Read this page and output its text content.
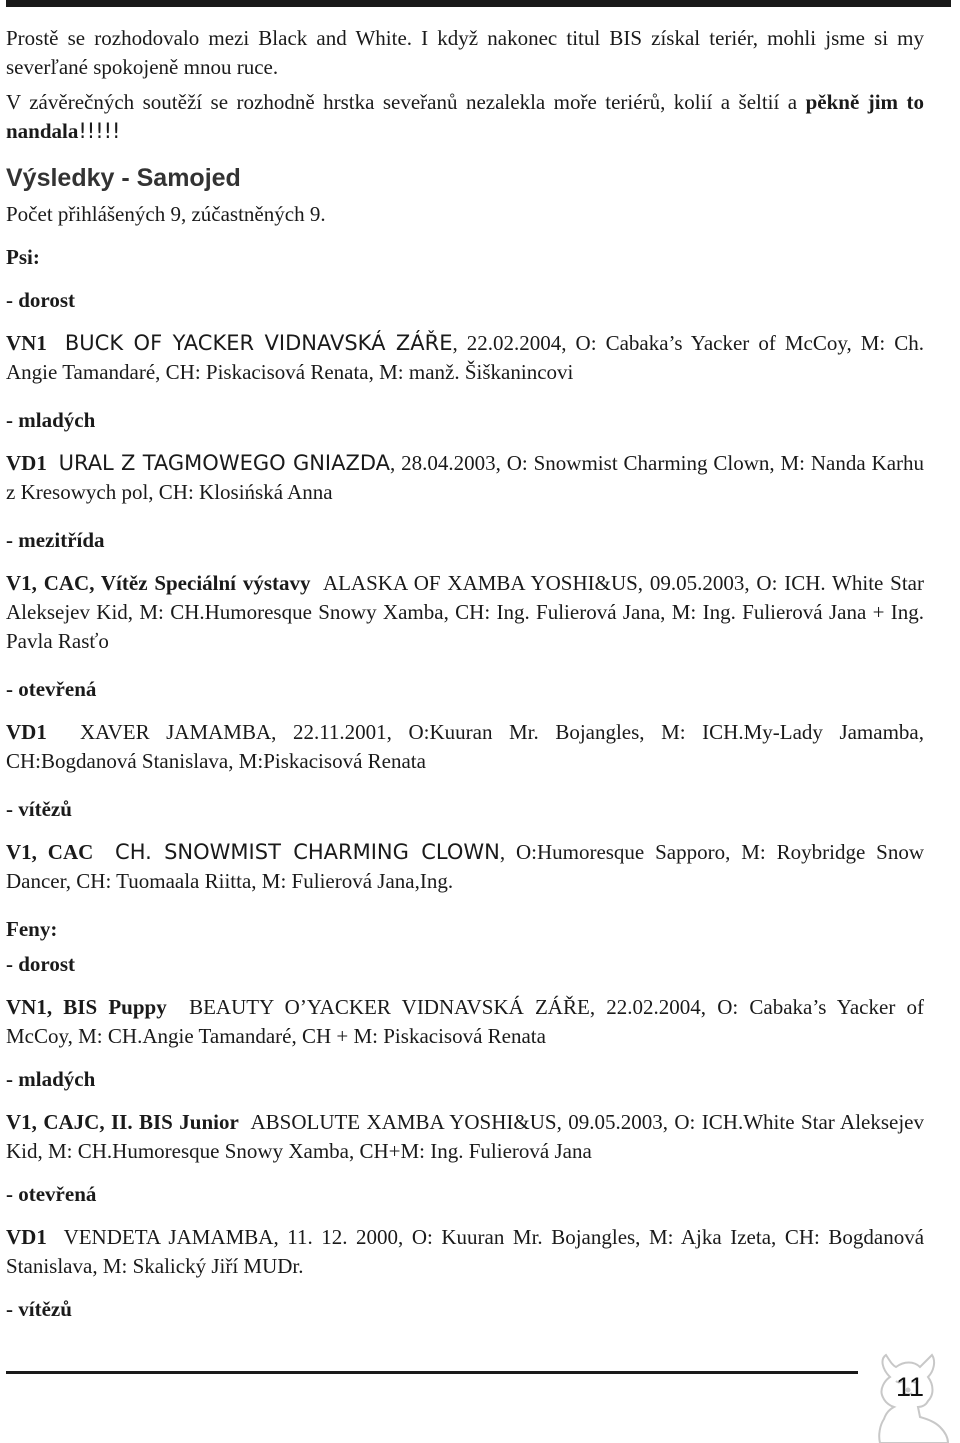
Prostě se rozhodovalo mezi Black and White. I když nakonec titul BIS získal teriér, mohli jsme si my severľané spokojeně mnou ruce.

V závěrečných soutěží se rozhodně hrstka seveřanů nezalekla moře teriérů, kolií a šeltií a pěkně jim to nandala!!!!!

Výsledky - Samojed

Počet přihlášených 9, zúčastněných 9.

Psi:

- dorost

VN1 BUCK OF YACKER VIDNAVSKÁ ZÁŘE, 22.02.2004, O: Cabaka’s Yacker of McCoy, M: Ch. Angie Tamandaré, CH: Piskacisová Renata, M: manž. Šiškanincovi

- mladých

VD1 URAL Z TAGMOWEGO GNIAZDA, 28.04.2003, O: Snowmist Charming Clown, M: Nanda Karhu z Kresowych pol, CH: Klosińská Anna

- mezitřída

V1, CAC, Vítěz Speciální výstavy ALASKA OF XAMBA YOSHI&US, 09.05.2003, O: ICH. White Star Aleksejev Kid, M: CH.Humoresque Snowy Xamba, CH: Ing. Fulierová Jana, M: Ing. Fulierová Jana + Ing. Pavla Rasťo

- otevřená

VD1 XAVER JAMAMBA, 22.11.2001, O:Kuuran Mr. Bojangles, M: ICH.My-Lady Jamamba, CH:Bogdanová Stanislava, M:Piskacisová Renata

- vítězů

V1, CAC CH. SNOWMIST CHARMING CLOWN, O:Humoresque Sapporo, M: Roybridge Snow Dancer, CH: Tuomaala Riitta, M: Fulierová Jana,Ing.

Feny:

- dorost

VN1, BIS Puppy BEAUTY O’YACKER VIDNAVSKÁ ZÁŘE, 22.02.2004, O: Cabaka’s Yacker of McCoy, M: CH.Angie Tamandaré, CH + M: Piskacisová Renata

- mladých

V1, CAJC, II. BIS Junior ABSOLUTE XAMBA YOSHI&US, 09.05.2003, O: ICH.White Star Aleksejev Kid, M: CH.Humoresque Snowy Xamba, CH+M: Ing. Fulierová Jana

- otevřená

VD1 VENDETA JAMAMBA, 11. 12. 2000, O: Kuuran Mr. Bojangles, M: Ajka Izeta, CH: Bogdanová Stanislava, M: Skalický Jiří MUDr.

- vítězů

11
